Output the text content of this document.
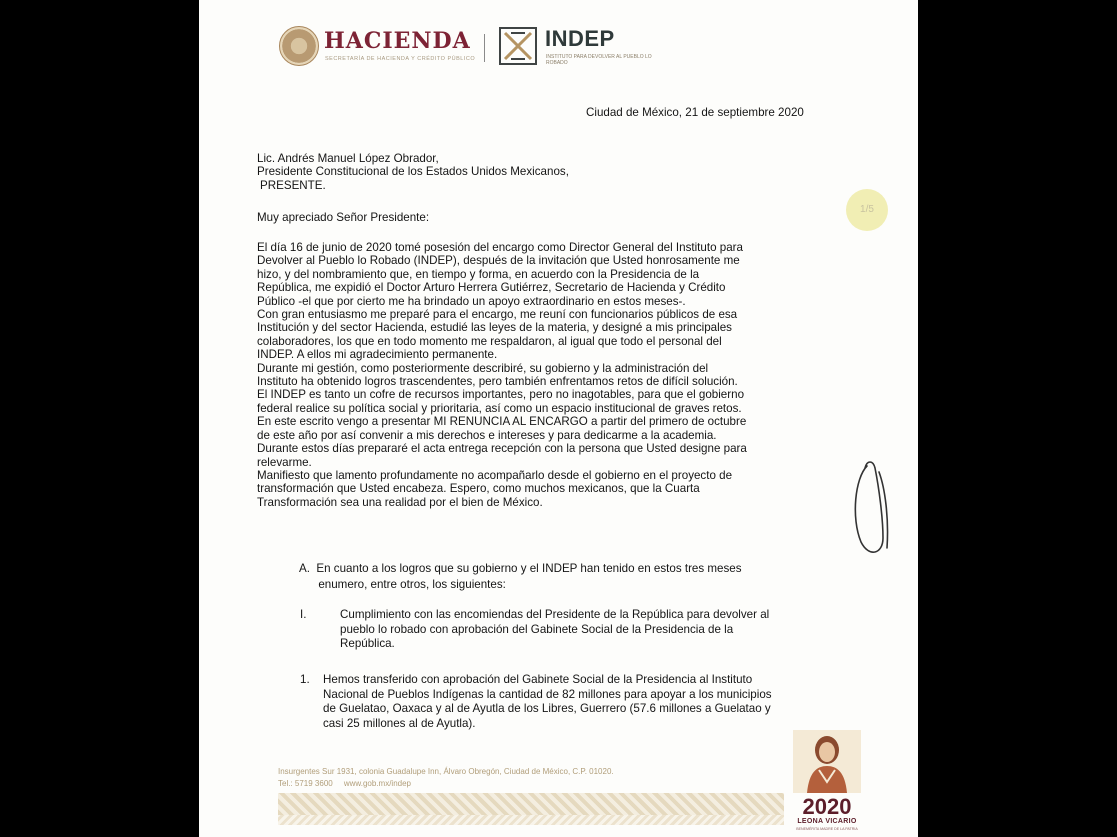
HACIENDA
SECRETARÍA DE HACIENDA Y CRÉDITO PÚBLICO
INDEP
INSTITUTO PARA DEVOLVER AL PUEBLO LO ROBADO
Ciudad de México, 21 de septiembre 2020
Lic. Andrés Manuel López Obrador,
Presidente Constitucional de los Estados Unidos Mexicanos,
PRESENTE.
Muy apreciado Señor Presidente:
1/5
El día 16 de junio de 2020 tomé posesión del encargo como Director General del Instituto para
Devolver al Pueblo lo Robado (INDEP), después de la invitación que Usted honrosamente me
hizo, y del nombramiento que, en tiempo y forma, en acuerdo con la Presidencia de la
República, me expidió el Doctor Arturo Herrera Gutiérrez, Secretario de Hacienda y Crédito
Público -el que por cierto me ha brindado un apoyo extraordinario en estos meses-.
Con gran entusiasmo me preparé para el encargo, me reuní con funcionarios públicos de esa
Institución y del sector Hacienda, estudié las leyes de la materia, y designé a mis principales
colaboradores, los que en todo momento me respaldaron, al igual que todo el personal del
INDEP. A ellos mi agradecimiento permanente.
Durante mi gestión, como posteriormente describiré, su gobierno y la administración del
Instituto ha obtenido logros trascendentes, pero también enfrentamos retos de difícil solución.
El INDEP es tanto un cofre de recursos importantes, pero no inagotables, para que el gobierno
federal realice su política social y prioritaria, así como un espacio institucional de graves retos.
En este escrito vengo a presentar MI RENUNCIA AL ENCARGO a partir del primero de octubre
de este año por así convenir a mis derechos e intereses y para dedicarme a la academia.
Durante estos días prepararé el acta entrega recepción con la persona que Usted designe para
relevarme.
Manifiesto que lamento profundamente no acompañarlo desde el gobierno en el proyecto de
transformación que Usted encabeza. Espero, como muchos mexicanos, que la Cuarta
Transformación sea una realidad por el bien de México.
A.  En cuanto a los logros que su gobierno y el INDEP han tenido en estos tres meses
enumero, entre otros, los siguientes:
I.	Cumplimiento con las encomiendas del Presidente de la República para devolver al
pueblo lo robado con aprobación del Gabinete Social de la Presidencia de la
República.
1. Hemos transferido con aprobación del Gabinete Social de la Presidencia al Instituto
Nacional de Pueblos Indígenas la cantidad de 82 millones para apoyar a los municipios
de Guelatao, Oaxaca y al de Ayutla de los Libres, Guerrero (57.6 millones a Guelatao y
casi 25 millones al de Ayutla).
Insurgentes Sur 1931, colonia Guadalupe Inn, Álvaro Obregón, Ciudad de México, C.P. 01020.
Tel.: 5719 3600 www.gob.mx/indep
2020
LEONA VICARIO
BENEMÉRITA MADRE DE LA PATRIA
